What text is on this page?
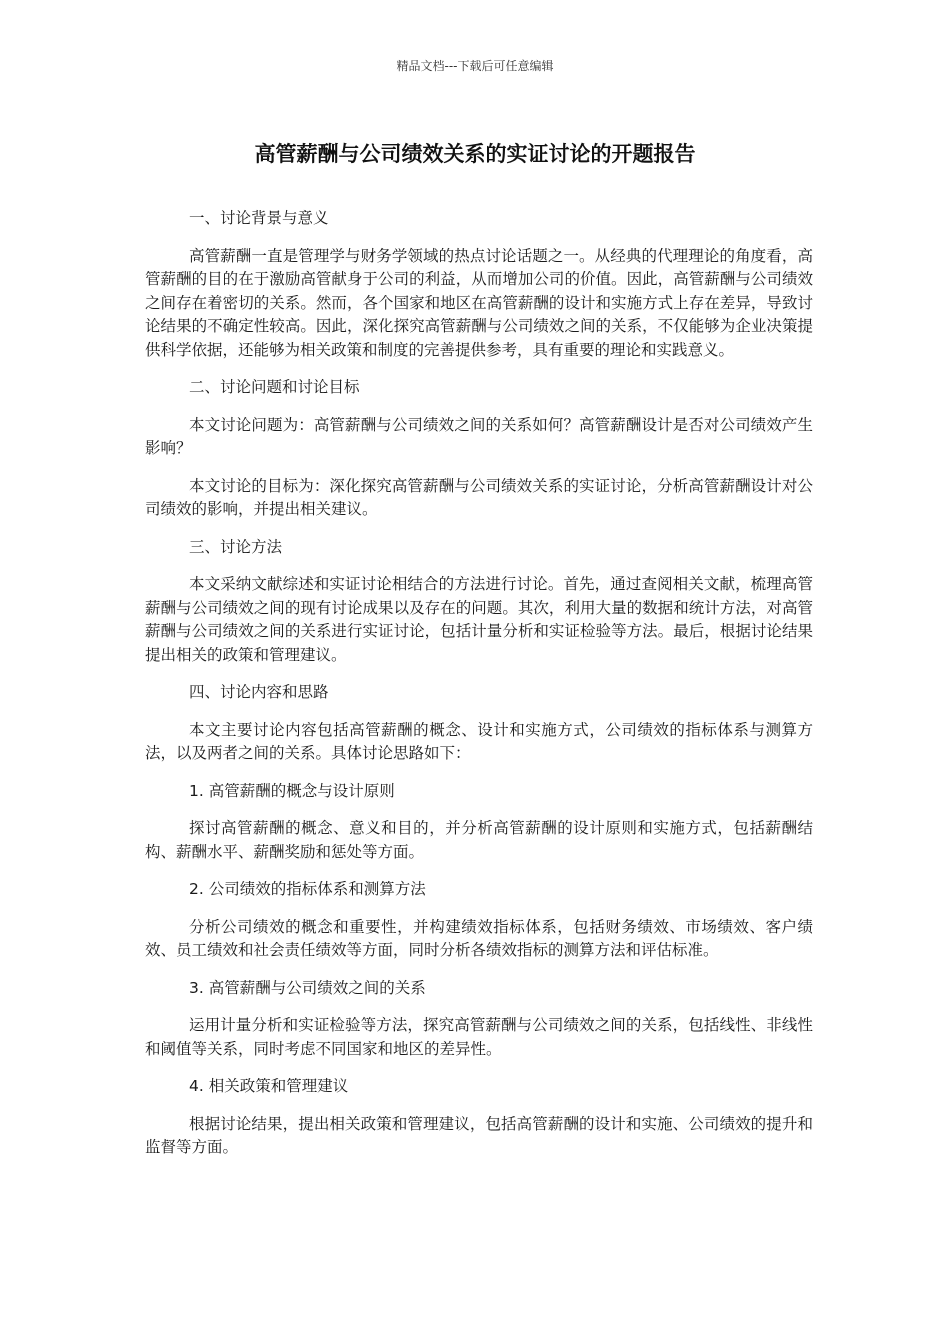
精品文档---下载后可任意编辑
高管薪酬与公司绩效关系的实证讨论的开题报告

一、讨论背景与意义

高管薪酬一直是管理学与财务学领域的热点讨论话题之一。从经典的代理理论的角度看，高管薪酬的目的在于激励高管献身于公司的利益，从而增加公司的价值。因此，高管薪酬与公司绩效之间存在着密切的关系。然而，各个国家和地区在高管薪酬的设计和实施方式上存在差异，导致讨论结果的不确定性较高。因此，深化探究高管薪酬与公司绩效之间的关系，不仅能够为企业决策提供科学依据，还能够为相关政策和制度的完善提供参考，具有重要的理论和实践意义。

二、讨论问题和讨论目标

本文讨论问题为：高管薪酬与公司绩效之间的关系如何？高管薪酬设计是否对公司绩效产生影响？

本文讨论的目标为：深化探究高管薪酬与公司绩效关系的实证讨论，分析高管薪酬设计对公司绩效的影响，并提出相关建议。

三、讨论方法

本文采纳文献综述和实证讨论相结合的方法进行讨论。首先，通过查阅相关文献，梳理高管薪酬与公司绩效之间的现有讨论成果以及存在的问题。其次，利用大量的数据和统计方法，对高管薪酬与公司绩效之间的关系进行实证讨论，包括计量分析和实证检验等方法。最后，根据讨论结果提出相关的政策和管理建议。

四、讨论内容和思路

本文主要讨论内容包括高管薪酬的概念、设计和实施方式，公司绩效的指标体系与测算方法，以及两者之间的关系。具体讨论思路如下：

1. 高管薪酬的概念与设计原则

探讨高管薪酬的概念、意义和目的，并分析高管薪酬的设计原则和实施方式，包括薪酬结构、薪酬水平、薪酬奖励和惩处等方面。

2. 公司绩效的指标体系和测算方法

分析公司绩效的概念和重要性，并构建绩效指标体系，包括财务绩效、市场绩效、客户绩效、员工绩效和社会责任绩效等方面，同时分析各绩效指标的测算方法和评估标准。

3. 高管薪酬与公司绩效之间的关系

运用计量分析和实证检验等方法，探究高管薪酬与公司绩效之间的关系，包括线性、非线性和阈值等关系，同时考虑不同国家和地区的差异性。

4. 相关政策和管理建议

根据讨论结果，提出相关政策和管理建议，包括高管薪酬的设计和实施、公司绩效的提升和监督等方面。
